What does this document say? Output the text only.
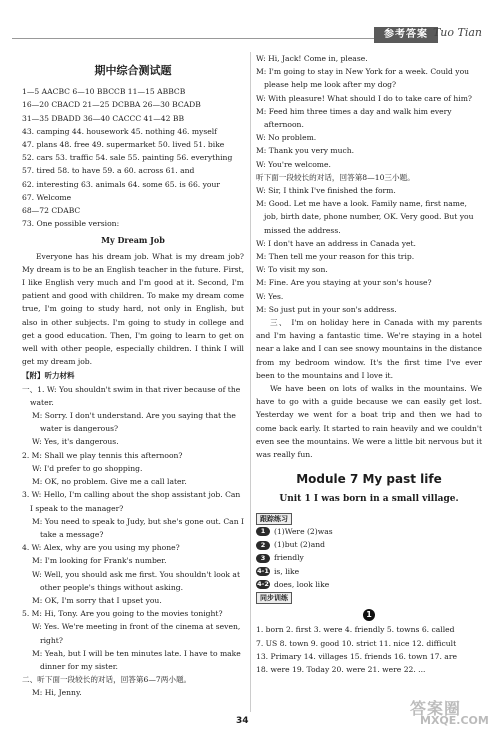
参考答案 Tuo Tian
期中综合测试题
1—5 AACBC 6—10 BBCCB 11—15 ABBCB
16—20 CBACD 21—25 DCBBA 26—30 BCADB
31—35 DBADD 36—40 CACCC 41—42 BB
43. camping 44. housework 45. nothing 46. myself
47. plans 48. free 49. supermarket 50. lived 51. bike
52. cars 53. traffic 54. sale 55. painting 56. everything
57. tired 58. to have 59. a 60. across 61. and
62. interesting 63. animals 64. some 65. is 66. your
67. Welcome
68—72 CDABC
73. One possible version:
My Dream Job
Everyone has his dream job. What is my dream job? My dream is to be an English teacher in the future. First, I like English very much and I'm good at it. Second, I'm patient and good with children. To make my dream come true, I'm going to study hard, not only in English, but also in other subjects. I'm going to study in college and get a good education. Then, I'm going to learn to get on well with other people, especially children. I think I will get my dream job.
【附】听力材料
一、1. W: You shouldn't swim in that river because of the water.
M: Sorry. I don't understand. Are you saying that the water is dangerous?
W: Yes, it's dangerous.
2. M: Shall we play tennis this afternoon?
W: I'd prefer to go shopping.
M: OK, no problem. Give me a call later.
3. W: Hello, I'm calling about the shop assistant job. Can I speak to the manager?
M: You need to speak to Judy, but she's gone out. Can I take a message?
4. W: Alex, why are you using my phone?
M: I'm looking for Frank's number.
W: Well, you should ask me first. You shouldn't look at other people's things without asking.
M: OK, I'm sorry that I upset you.
5. M: Hi, Tony. Are you going to the movies tonight?
W: Yes. We're meeting in front of the cinema at seven, right?
M: Yeah, but I will be ten minutes late. I have to make dinner for my sister.
二、听下面一段较长的对话，回答第6—7两小题。
M: Hi, Jenny.
W: Hi, Jack! Come in, please.
M: I'm going to stay in New York for a week. Could you please help me look after my dog?
W: With pleasure! What should I do to take care of him?
M: Feed him three times a day and walk him every afternoon.
W: No problem.
M: Thank you very much.
W: You're welcome.
听下面一段较长的对话，回答第8—10三小题。
W: Sir, I think I've finished the form.
M: Good. Let me have a look. Family name, first name, job, birth date, phone number, OK. Very good. But you missed the address.
W: I don't have an address in Canada yet.
M: Then tell me your reason for this trip.
W: To visit my son.
M: Fine. Are you staying at your son's house?
W: Yes.
M: So just put in your son's address.
三、 I'm on holiday here in Canada with my parents and I'm having a fantastic time. We're staying in a hotel near a lake and I can see snowy mountains in the distance from my bedroom window. It's the first time I've ever been to the mountains and I love it.
We have been on lots of walks in the mountains. We have to go with a guide because we can easily get lost. Yesterday we went for a boat trip and then we had to come back early. It started to rain heavily and we couldn't even see the mountains. We were a little bit nervous but it was really fun.
Module 7 My past life
Unit 1 I was born in a small village.
跟踪练习
1 (1)Were (2)was
2 (1)but (2)and
3 friendly
4-1 is, like
4-2 does, look like
同步训练
1
1. born 2. first 3. were 4. friendly 5. towns 6. called
7. US 8. town 9. good 10. strict 11. nice 12. difficult
13. Primary 14. villages 15. friends 16. town 17. are
18. were 19. Today 20. were 21. were 22. ...
34
答案圈
MXQE.COM
